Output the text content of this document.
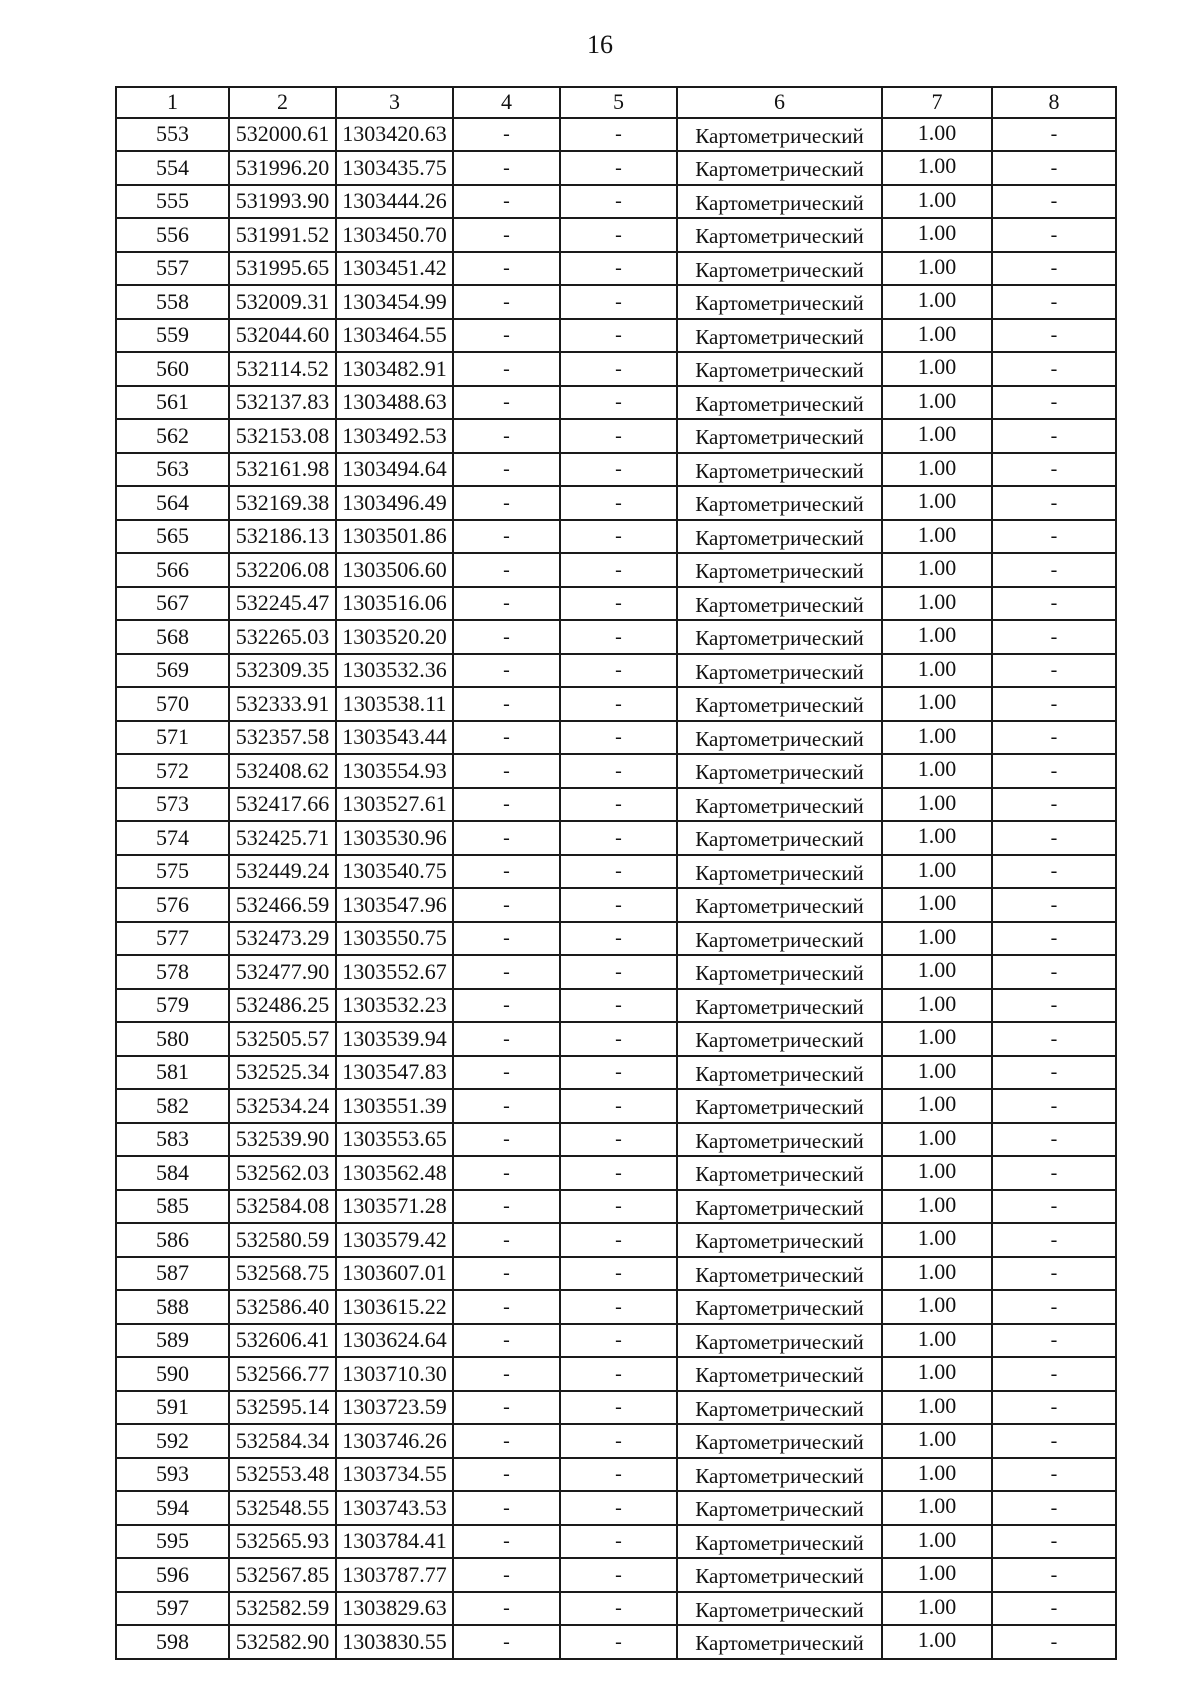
16
1	2	3	4	5	6	7	8
553	532000.61	1303420.63	-	-	Картометрический	1.00	-
554	531996.20	1303435.75	-	-	Картометрический	1.00	-
555	531993.90	1303444.26	-	-	Картометрический	1.00	-
556	531991.52	1303450.70	-	-	Картометрический	1.00	-
557	531995.65	1303451.42	-	-	Картометрический	1.00	-
558	532009.31	1303454.99	-	-	Картометрический	1.00	-
559	532044.60	1303464.55	-	-	Картометрический	1.00	-
560	532114.52	1303482.91	-	-	Картометрический	1.00	-
561	532137.83	1303488.63	-	-	Картометрический	1.00	-
562	532153.08	1303492.53	-	-	Картометрический	1.00	-
563	532161.98	1303494.64	-	-	Картометрический	1.00	-
564	532169.38	1303496.49	-	-	Картометрический	1.00	-
565	532186.13	1303501.86	-	-	Картометрический	1.00	-
566	532206.08	1303506.60	-	-	Картометрический	1.00	-
567	532245.47	1303516.06	-	-	Картометрический	1.00	-
568	532265.03	1303520.20	-	-	Картометрический	1.00	-
569	532309.35	1303532.36	-	-	Картометрический	1.00	-
570	532333.91	1303538.11	-	-	Картометрический	1.00	-
571	532357.58	1303543.44	-	-	Картометрический	1.00	-
572	532408.62	1303554.93	-	-	Картометрический	1.00	-
573	532417.66	1303527.61	-	-	Картометрический	1.00	-
574	532425.71	1303530.96	-	-	Картометрический	1.00	-
575	532449.24	1303540.75	-	-	Картометрический	1.00	-
576	532466.59	1303547.96	-	-	Картометрический	1.00	-
577	532473.29	1303550.75	-	-	Картометрический	1.00	-
578	532477.90	1303552.67	-	-	Картометрический	1.00	-
579	532486.25	1303532.23	-	-	Картометрический	1.00	-
580	532505.57	1303539.94	-	-	Картометрический	1.00	-
581	532525.34	1303547.83	-	-	Картометрический	1.00	-
582	532534.24	1303551.39	-	-	Картометрический	1.00	-
583	532539.90	1303553.65	-	-	Картометрический	1.00	-
584	532562.03	1303562.48	-	-	Картометрический	1.00	-
585	532584.08	1303571.28	-	-	Картометрический	1.00	-
586	532580.59	1303579.42	-	-	Картометрический	1.00	-
587	532568.75	1303607.01	-	-	Картометрический	1.00	-
588	532586.40	1303615.22	-	-	Картометрический	1.00	-
589	532606.41	1303624.64	-	-	Картометрический	1.00	-
590	532566.77	1303710.30	-	-	Картометрический	1.00	-
591	532595.14	1303723.59	-	-	Картометрический	1.00	-
592	532584.34	1303746.26	-	-	Картометрический	1.00	-
593	532553.48	1303734.55	-	-	Картометрический	1.00	-
594	532548.55	1303743.53	-	-	Картометрический	1.00	-
595	532565.93	1303784.41	-	-	Картометрический	1.00	-
596	532567.85	1303787.77	-	-	Картометрический	1.00	-
597	532582.59	1303829.63	-	-	Картометрический	1.00	-
598	532582.90	1303830.55	-	-	Картометрический	1.00	-
